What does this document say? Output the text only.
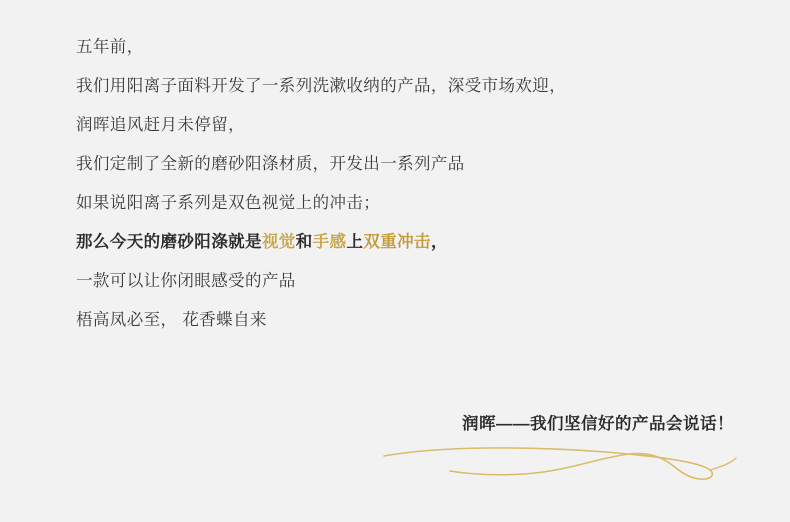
五年前，
我们用阳离子面料开发了一系列洗漱收纳的产品，深受市场欢迎，
润晖追风赶月未停留，
我们定制了全新的磨砂阳涤材质，开发出一系列产品
如果说阳离子系列是双色视觉上的冲击；
那么今天的磨砂阳涤就是视觉和手感上双重冲击，
一款可以让你闭眼感受的产品
梧高凤必至， 花香蝶自来
润晖——我们坚信好的产品会说话！
